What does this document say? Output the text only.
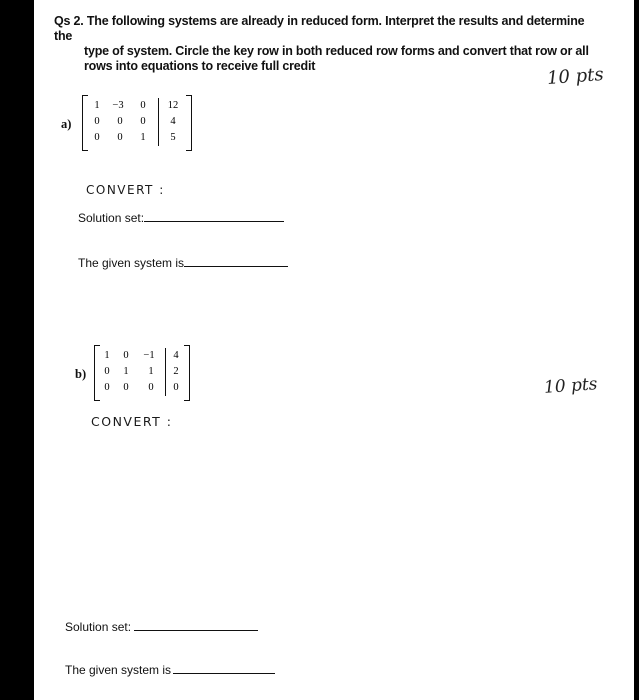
Qs 2. The following systems are already in reduced form. Interpret the results and determine the
type of system. Circle the key row in both reduced row forms and convert that row or all rows into equations to receive full credit	10 pts
a)
1	−3	0	12
0	0	0	4
0	0	1	5
CONVERT :
Solution set:
The given system is
b)
1	0	−1	4
0	1	1	2
0	0	0	0	10 pts
CONVERT :
Solution set:
The given system is
